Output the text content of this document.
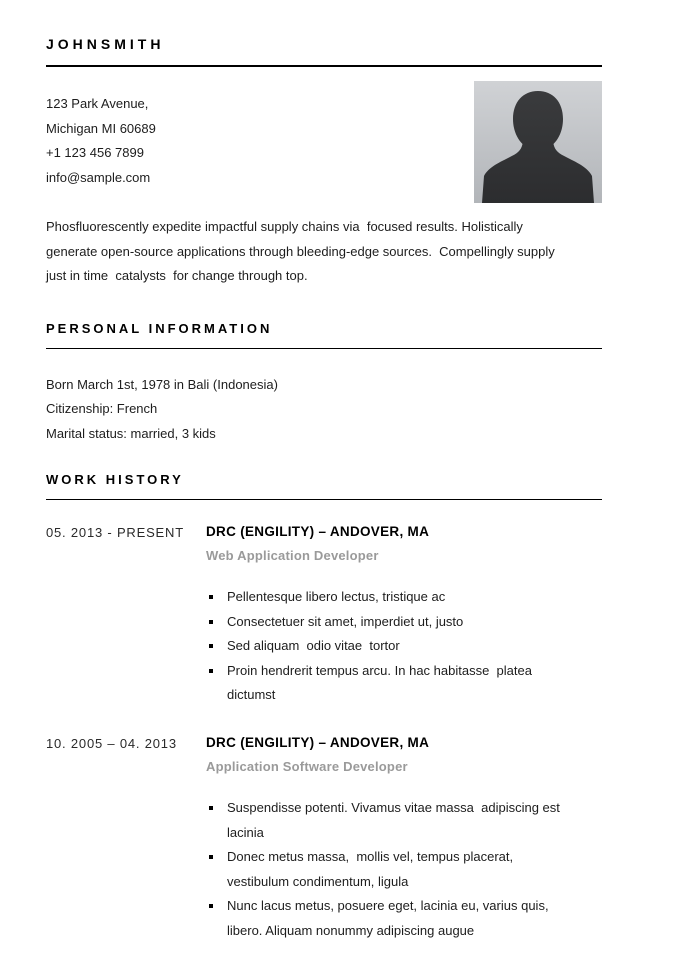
JOHNSMITH
123 Park Avenue,
Michigan MI 60689
+1 123 456 7899
info@sample.com
Phosfluorescently expedite impactful supply chains via  focused results. Holistically
generate open-source applications through bleeding-edge sources.  Compellingly supply
just in time  catalysts  for change through top.
PERSONAL INFORMATION
Born March 1st, 1978 in Bali (Indonesia)
Citizenship: French
Marital status: married, 3 kids
WORK HISTORY
05. 2013 - PRESENT	DRC (ENGILITY) – ANDOVER, MA
Web Application Developer
Pellentesque libero lectus, tristique ac
Consectetuer sit amet, imperdiet ut, justo
Sed aliquam  odio vitae  tortor
Proin hendrerit tempus arcu. In hac habitasse  platea dictumst
10. 2005 – 04. 2013	DRC (ENGILITY) – ANDOVER, MA
Application Software Developer
Suspendisse potenti. Vivamus vitae massa  adipiscing est lacinia
Donec metus massa,  mollis vel, tempus placerat, vestibulum condimentum, ligula
Nunc lacus metus, posuere eget, lacinia eu, varius quis, libero. Aliquam nonummy adipiscing augue
